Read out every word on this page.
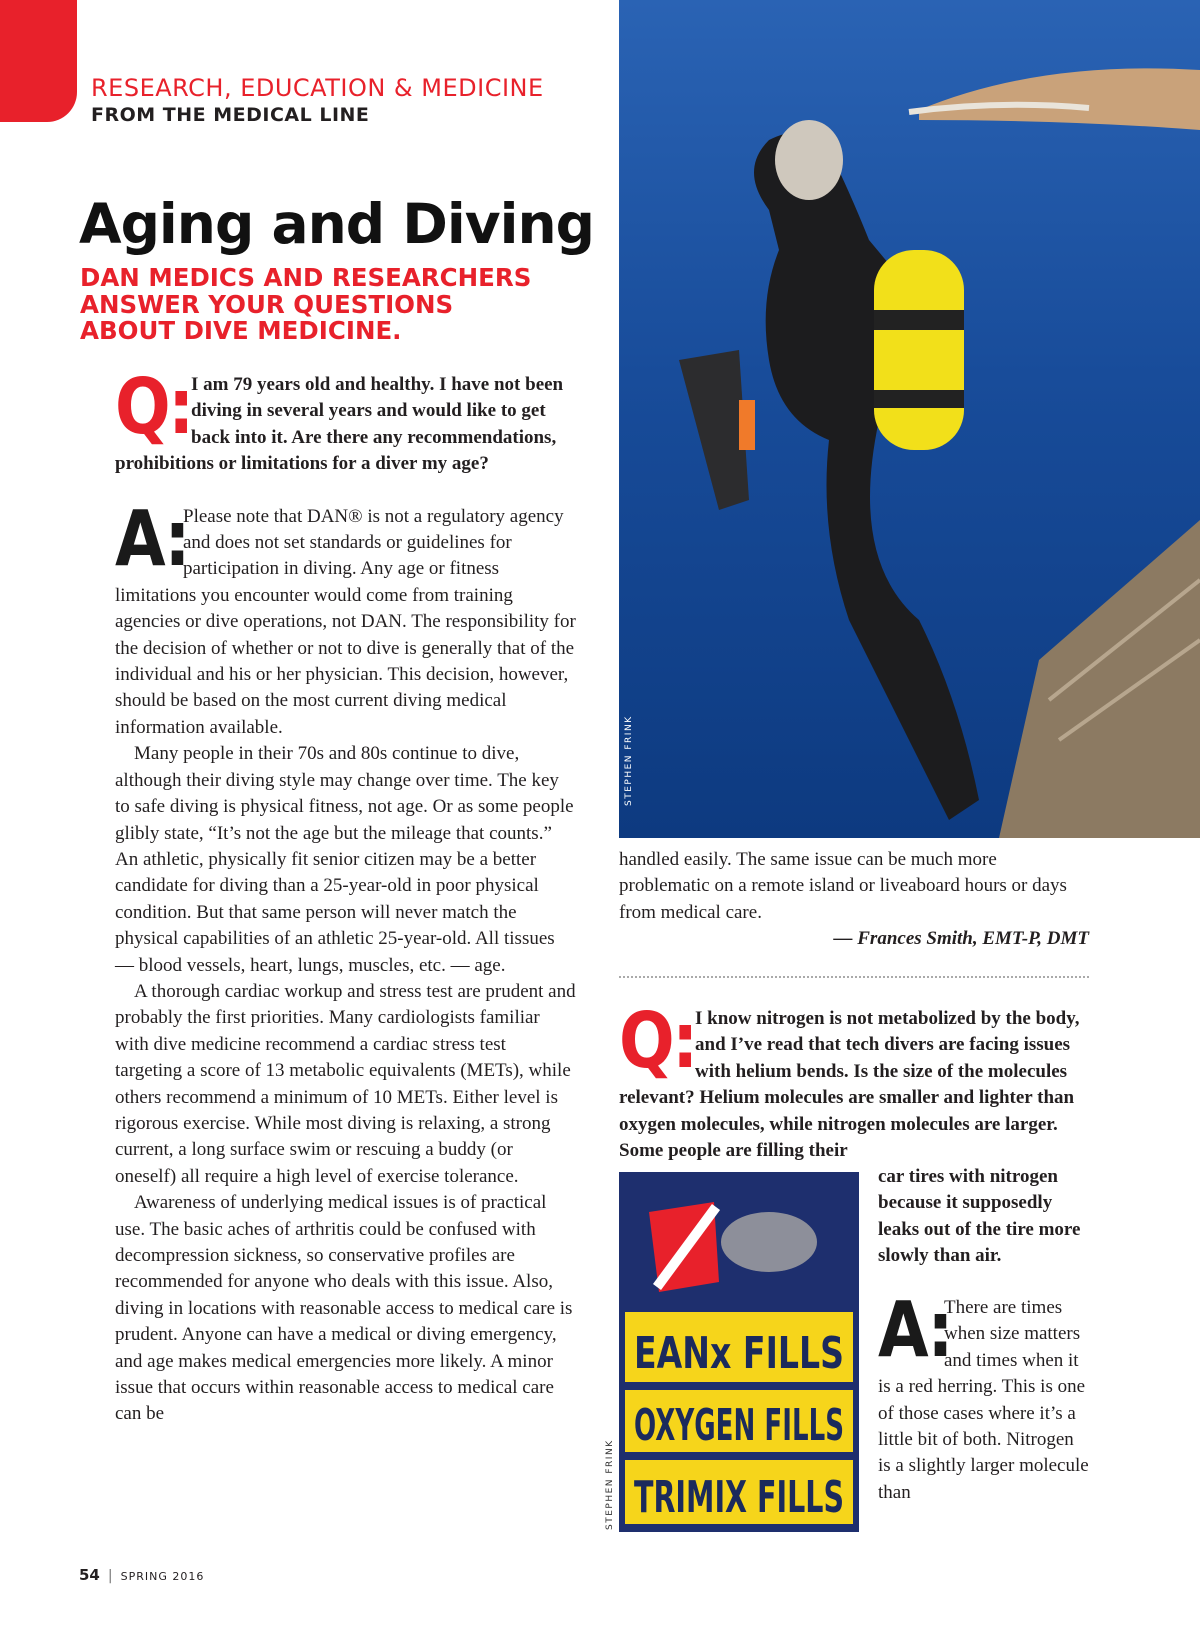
RESEARCH, EDUCATION & MEDICINE
FROM THE MEDICAL LINE
Aging and Diving
DAN MEDICS AND RESEARCHERS ANSWER YOUR QUESTIONS ABOUT DIVE MEDICINE.
Q: I am 79 years old and healthy. I have not been diving in several years and would like to get back into it. Are there any recommendations, prohibitions or limitations for a diver my age?

A:

Please note that DAN® is not a regulatory agency and does not set standards or guidelines for participation in diving. Any age or fitness limitations you encounter would come from training agencies or dive operations, not DAN. The responsibility for the decision of whether or not to dive is generally that of the individual and his or her physician. This decision, however, should be based on the most current diving medical information available.

Many people in their 70s and 80s continue to dive, although their diving style may change over time. The key to safe diving is physical fitness, not age. Or as some people glibly state, “It’s not the age but the mileage that counts.” An athletic, physically fit senior citizen may be a better candidate for diving than a 25-year-old in poor physical condition. But that same person will never match the physical capabilities of an athletic 25-year-old. All tissues — blood vessels, heart, lungs, muscles, etc. — age.

A thorough cardiac workup and stress test are prudent and probably the first priorities. Many cardiologists familiar with dive medicine recommend a cardiac stress test targeting a score of 13 metabolic equivalents (METs), while others recommend a minimum of 10 METs. Either level is rigorous exercise. While most diving is relaxing, a strong current, a long surface swim or rescuing a buddy (or oneself) all require a high level of exercise tolerance.

Awareness of underlying medical issues is of practical use. The basic aches of arthritis could be confused with decompression sickness, so conservative profiles are recommended for anyone who deals with this issue. Also, diving in locations with reasonable access to medical care is prudent. Anyone can have a medical or diving emergency, and age makes medical emergencies more likely. A minor issue that occurs within reasonable access to medical care can be

STEPHEN FRINK

handled easily. The same issue can be much more problematic on a remote island or liveaboard hours or days from medical care.

— Frances Smith, EMT-P, DMT

Q: I know nitrogen is not metabolized by the body, and I’ve read that tech divers are facing issues with helium bends. Is the size of the molecules relevant? Helium molecules are smaller and lighter than oxygen molecules, while nitrogen molecules are larger. Some people are filling their

car tires with nitrogen because it supposedly leaks out of the tire more slowly than air.

EANx FILLS
OXYGEN FILLS
TRIMIX FILLS
STEPHEN FRINK
A:

There are times when size matters and times when it is a red herring. This is one of those cases where it’s a little bit of both. Nitrogen is a slightly larger molecule than

54 | SPRING 2016
